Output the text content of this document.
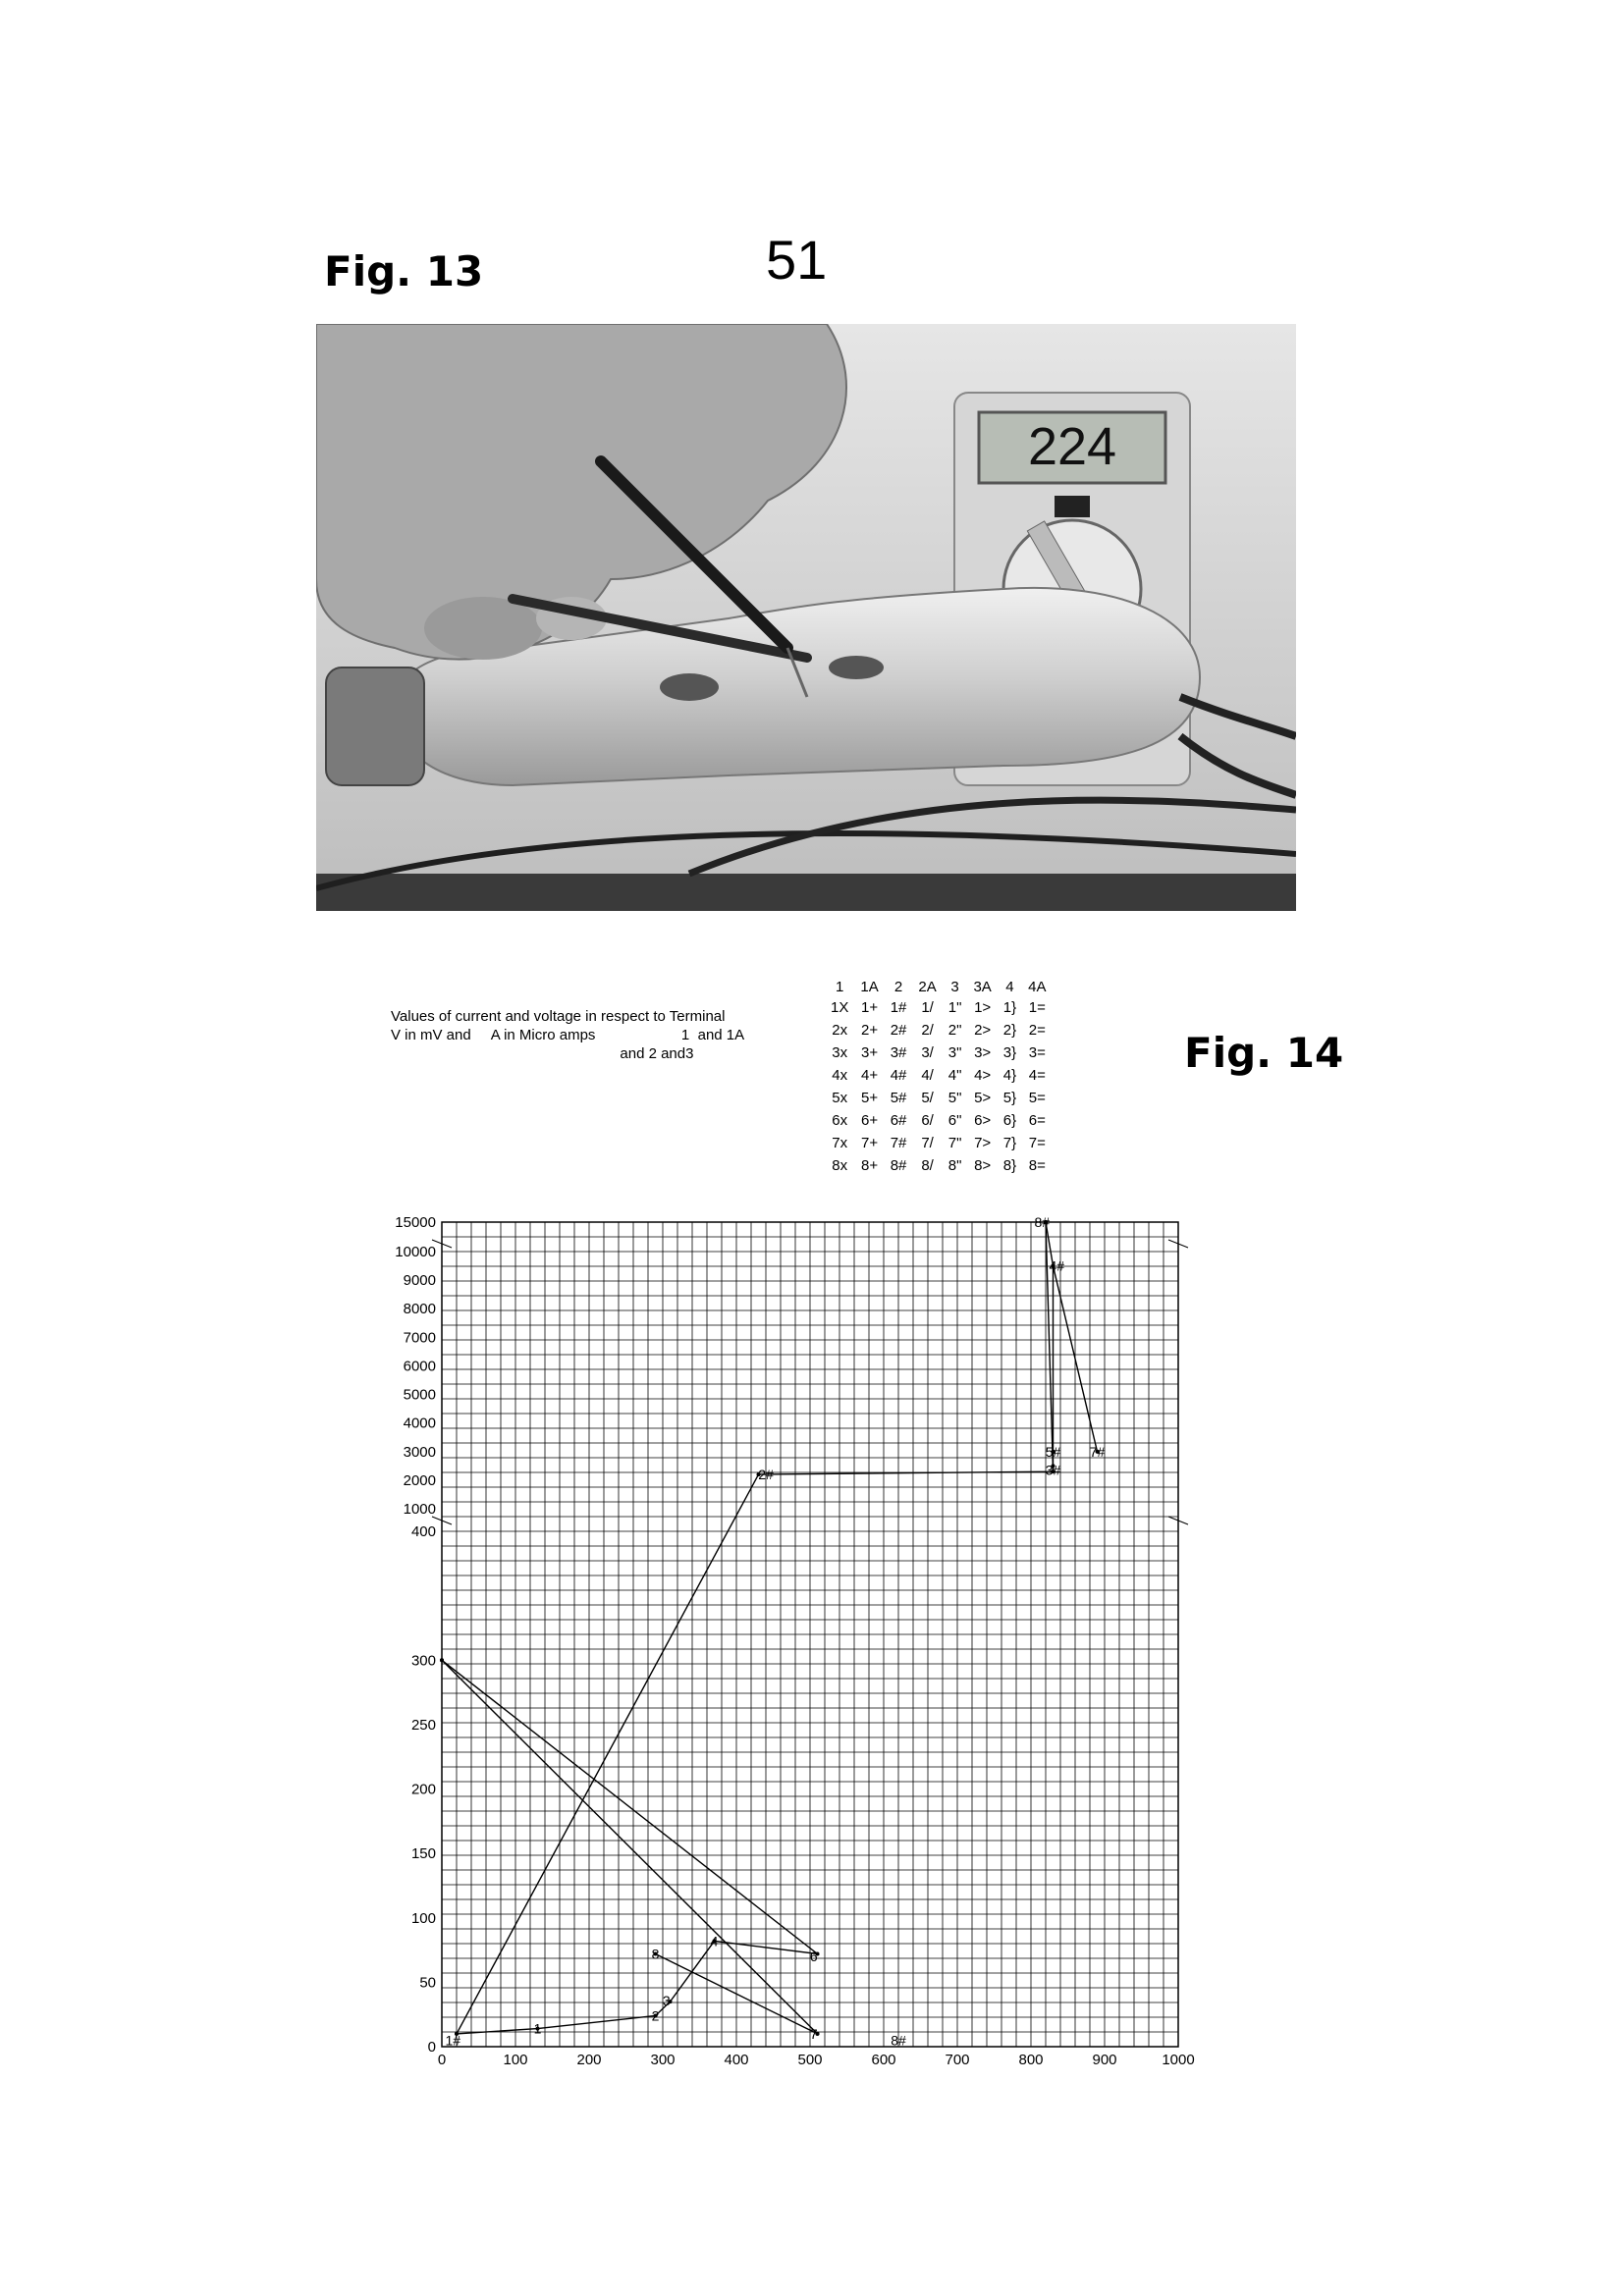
Fig. 13	51
224
Values of current and voltage in respect to Terminal
V in mV and     A in Micro amps                     1  and 1A
and 2 and3
1	1A	2	2A	3	3A	4	4A
1X	1+	1#	1/	1"	1>	1}	1=
2x	2+	2#	2/	2"	2>	2}	2=
3x	3+	3#	3/	3"	3>	3}	3=
4x	4+	4#	4/	4"	4>	4}	4=
5x	5+	5#	5/	5"	5>	5}	5=
6x	6+	6#	6/	6"	6>	6}	6=
7x	7+	7#	7/	7"	7>	7}	7=
8x	8+	8#	8/	8"	8>	8}	8=
Fig. 14
0	100	200	300	400	500	600	700	800	900	1000
0
50
100
150
200
250
300
400
1000
2000
3000
4000
5000
6000
7000
8000
9000
10000
15000
1#
1
2
3
8
4
6
7	8#
2#	3#
5# 7#
4#
8#
